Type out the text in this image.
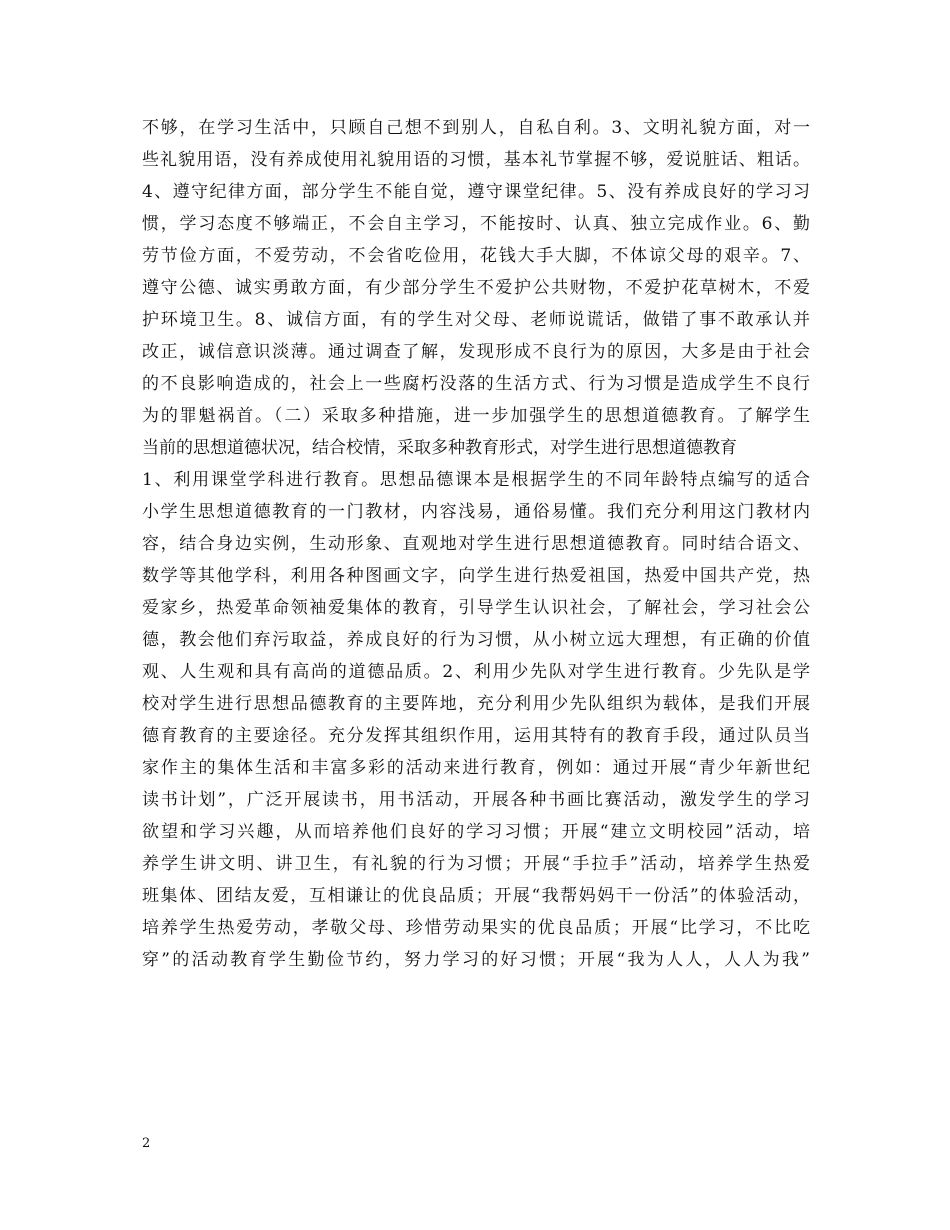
不够，在学习生活中，只顾自己想不到别人，自私自利。3、文明礼貌方面，对一
些礼貌用语，没有养成使用礼貌用语的习惯，基本礼节掌握不够，爱说脏话、粗话。
4、遵守纪律方面，部分学生不能自觉，遵守课堂纪律。5、没有养成良好的学习习
惯，学习态度不够端正，不会自主学习，不能按时、认真、独立完成作业。6、勤
劳节俭方面，不爱劳动，不会省吃俭用，花钱大手大脚，不体谅父母的艰辛。7、
遵守公德、诚实勇敢方面，有少部分学生不爱护公共财物，不爱护花草树木，不爱
护环境卫生。8、诚信方面，有的学生对父母、老师说谎话，做错了事不敢承认并
改正，诚信意识淡薄。通过调查了解，发现形成不良行为的原因，大多是由于社会
的不良影响造成的，社会上一些腐朽没落的生活方式、行为习惯是造成学生不良行
为的罪魁祸首。（二）采取多种措施，进一步加强学生的思想道德教育。了解学生
当前的思想道德状况，结合校情，采取多种教育形式，对学生进行思想道德教育
1、利用课堂学科进行教育。思想品德课本是根据学生的不同年龄特点编写的适合
小学生思想道德教育的一门教材，内容浅易，通俗易懂。我们充分利用这门教材内
容，结合身边实例，生动形象、直观地对学生进行思想道德教育。同时结合语文、
数学等其他学科，利用各种图画文字，向学生进行热爱祖国，热爱中国共产党，热
爱家乡，热爱革命领袖爱集体的教育，引导学生认识社会，了解社会，学习社会公
德，教会他们弃污取益，养成良好的行为习惯，从小树立远大理想，有正确的价值
观、人生观和具有高尚的道德品质。2、利用少先队对学生进行教育。少先队是学
校对学生进行思想品德教育的主要阵地，充分利用少先队组织为载体，是我们开展
德育教育的主要途径。充分发挥其组织作用，运用其特有的教育手段，通过队员当
家作主的集体生活和丰富多彩的活动来进行教育，例如：通过开展“青少年新世纪
读书计划”，广泛开展读书，用书活动，开展各种书画比赛活动，激发学生的学习
欲望和学习兴趣，从而培养他们良好的学习习惯；开展“建立文明校园”活动，培
养学生讲文明、讲卫生，有礼貌的行为习惯；开展“手拉手”活动，培养学生热爱
班集体、团结友爱，互相谦让的优良品质；开展“我帮妈妈干一份活”的体验活动，
培养学生热爱劳动，孝敬父母、珍惜劳动果实的优良品质；开展“比学习，不比吃
穿”的活动教育学生勤俭节约，努力学习的好习惯；开展“我为人人，人人为我”
2
